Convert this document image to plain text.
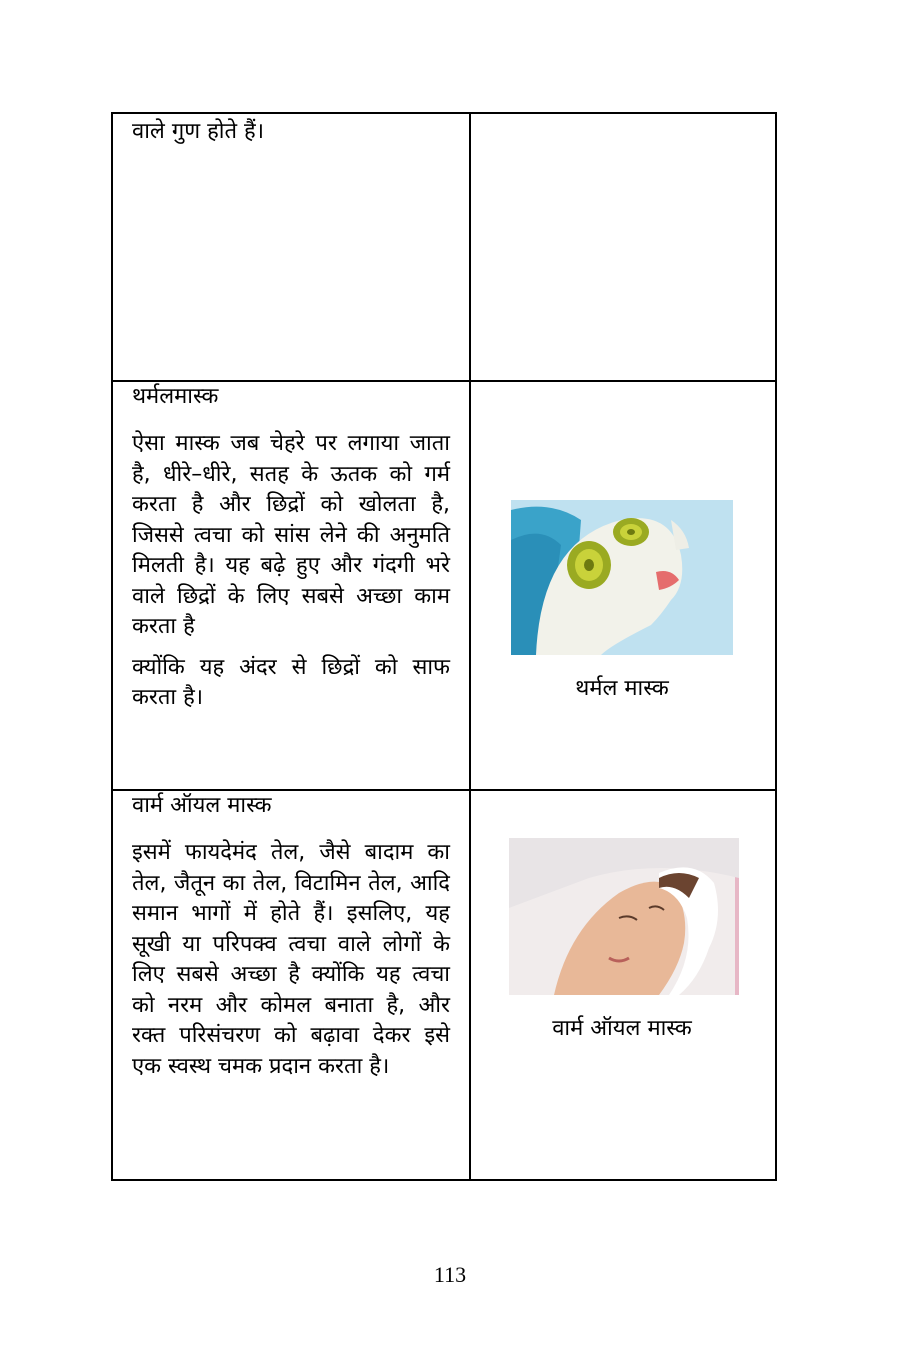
वाले गुण होते हैं।
थर्मलमास्क

ऐसा मास्क जब चेहरे पर लगाया जाता है, धीरे–धीरे, सतह के ऊतक को गर्म करता है और छिद्रों को खोलता है, जिससे त्वचा को सांस लेने की अनुमति मिलती है। यह बढ़े हुए और गंदगी भरे वाले छिद्रों के लिए सबसे अच्छा काम करता है

क्योंकि यह अंदर से छिद्रों को साफ करता है।	थर्मल मास्क
वार्म ऑयल मास्क

इसमें फायदेमंद तेल, जैसे बादाम का तेल, जैतून का तेल, विटामिन तेल, आदि समान भागों में होते हैं। इसलिए, यह सूखी या परिपक्व त्वचा वाले लोगों के लिए सबसे अच्छा है क्योंकि यह त्वचा को नरम और कोमल बनाता है, और रक्त परिसंचरण को बढ़ावा देकर इसे एक स्वस्थ चमक प्रदान करता है।

वार्म ऑयल मास्क
113
